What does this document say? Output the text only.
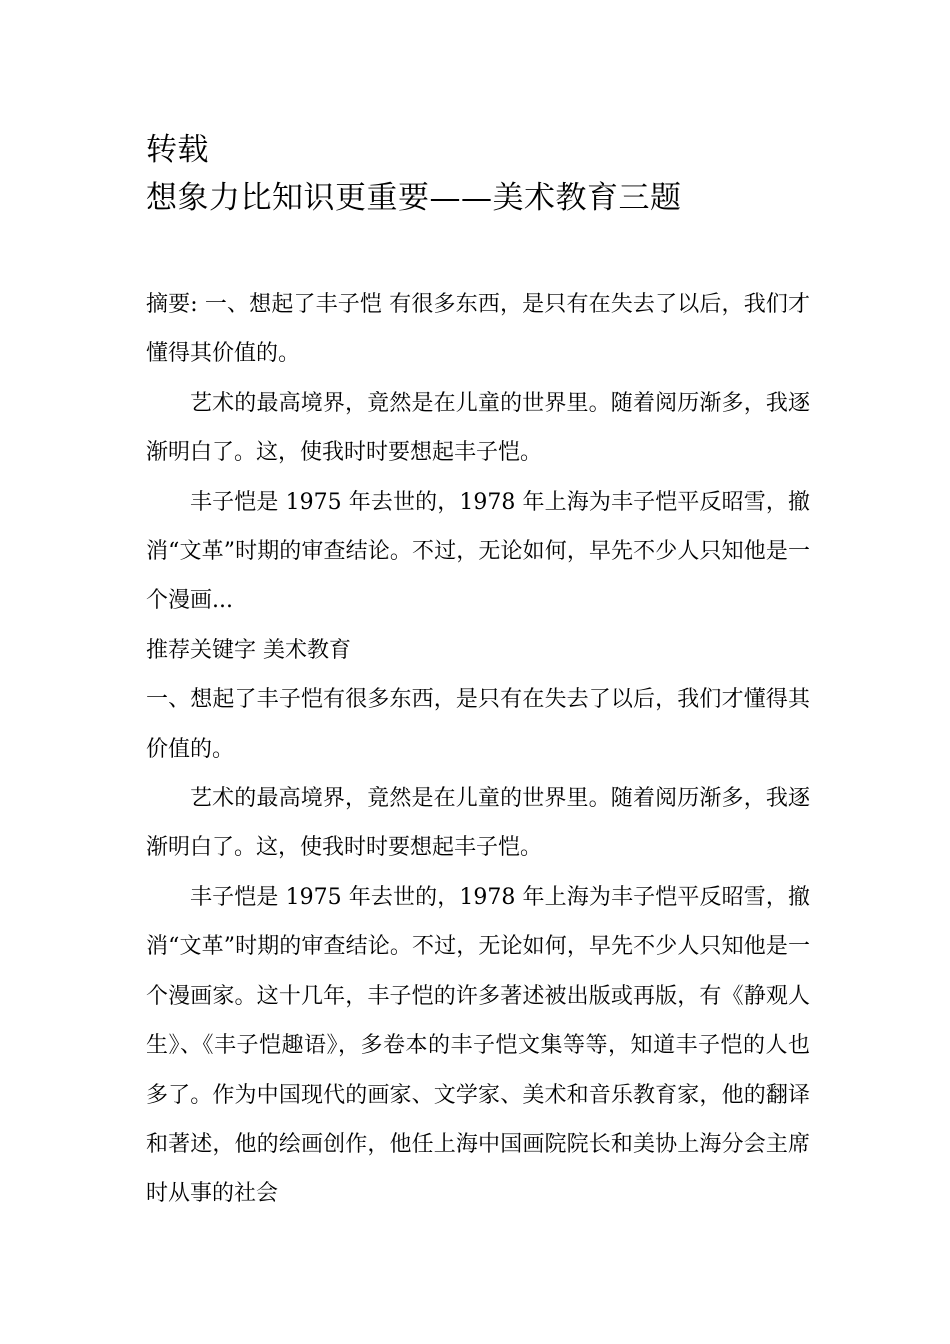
转载
想象力比知识更重要——美术教育三题

摘要: 一、想起了丰子恺 有很多东西，是只有在失去了以后，我们才懂得其价值的。

艺术的最高境界，竟然是在儿童的世界里。随着阅历渐多，我逐渐明白了。这，使我时时要想起丰子恺。

丰子恺是 1975 年去世的，1978 年上海为丰子恺平反昭雪，撤消“文革”时期的审查结论。不过，无论如何，早先不少人只知他是一个漫画...

推荐关键字 美术教育

一、想起了丰子恺有很多东西，是只有在失去了以后，我们才懂得其价值的。

艺术的最高境界，竟然是在儿童的世界里。随着阅历渐多，我逐渐明白了。这，使我时时要想起丰子恺。

丰子恺是 1975 年去世的，1978 年上海为丰子恺平反昭雪，撤消“文革”时期的审查结论。不过，无论如何，早先不少人只知他是一个漫画家。这十几年，丰子恺的许多著述被出版或再版，有《静观人生》、《丰子恺趣语》，多卷本的丰子恺文集等等，知道丰子恺的人也多了。作为中国现代的画家、文学家、美术和音乐教育家，他的翻译和著述，他的绘画创作，他任上海中国画院院长和美协上海分会主席时从事的社会
